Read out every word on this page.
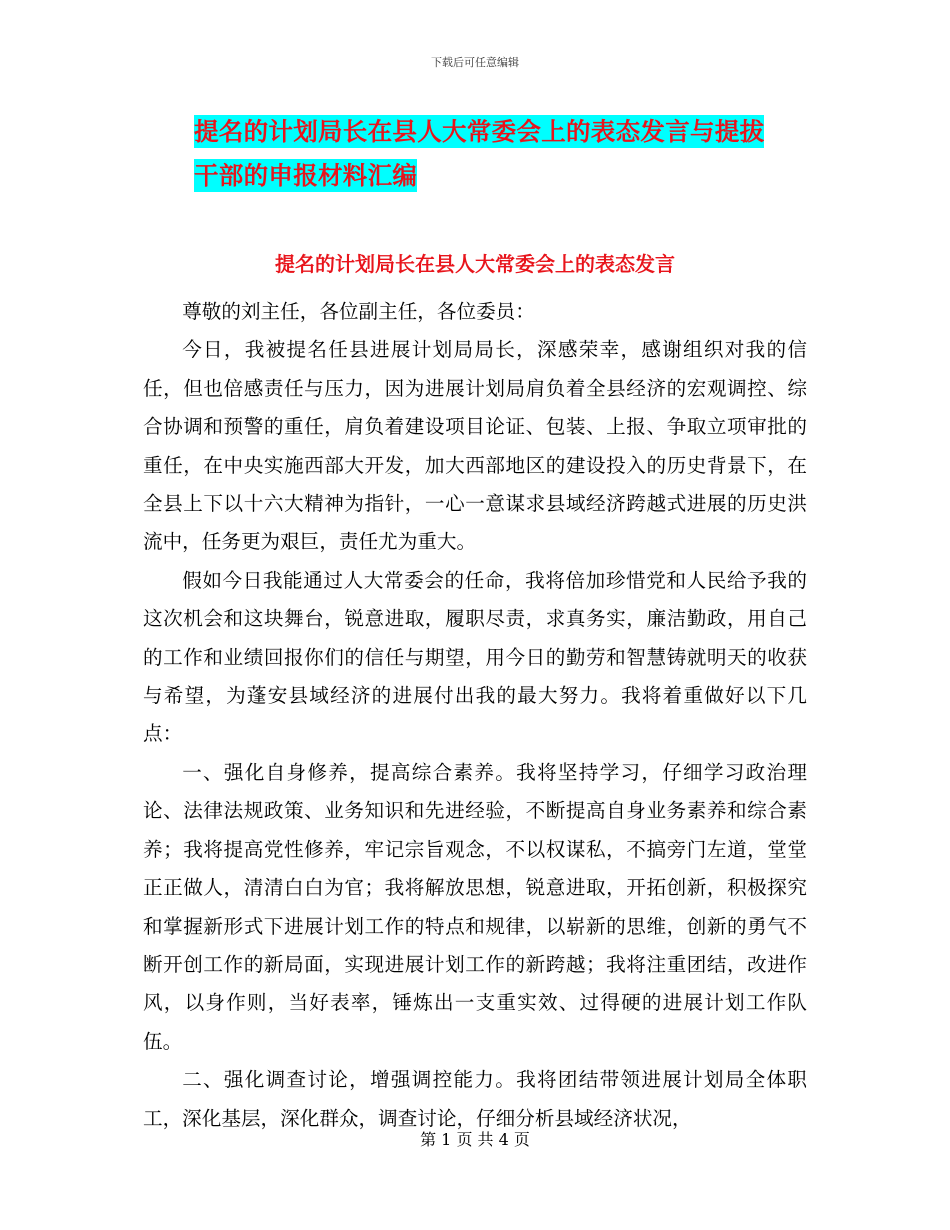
下载后可任意编辑
提名的计划局长在县人大常委会上的表态发言与提拔
干部的申报材料汇编
提名的计划局长在县人大常委会上的表态发言

尊敬的刘主任，各位副主任，各位委员：

今日，我被提名任县进展计划局局长，深感荣幸，感谢组织对我的信任，但也倍感责任与压力，因为进展计划局肩负着全县经济的宏观调控、综合协调和预警的重任，肩负着建设项目论证、包装、上报、争取立项审批的重任，在中央实施西部大开发，加大西部地区的建设投入的历史背景下，在全县上下以十六大精神为指针，一心一意谋求县域经济跨越式进展的历史洪流中，任务更为艰巨，责任尤为重大。

假如今日我能通过人大常委会的任命，我将倍加珍惜党和人民给予我的这次机会和这块舞台，锐意进取，履职尽责，求真务实，廉洁勤政，用自己的工作和业绩回报你们的信任与期望，用今日的勤劳和智慧铸就明天的收获与希望，为蓬安县域经济的进展付出我的最大努力。我将着重做好以下几点：

一、强化自身修养，提高综合素养。我将坚持学习，仔细学习政治理论、法律法规政策、业务知识和先进经验，不断提高自身业务素养和综合素养；我将提高党性修养，牢记宗旨观念，不以权谋私，不搞旁门左道，堂堂正正做人，清清白白为官；我将解放思想，锐意进取，开拓创新，积极探究和掌握新形式下进展计划工作的特点和规律，以崭新的思维，创新的勇气不断开创工作的新局面，实现进展计划工作的新跨越；我将注重团结，改进作风，以身作则，当好表率，锤炼出一支重实效、过得硬的进展计划工作队伍。

二、强化调查讨论，增强调控能力。我将团结带领进展计划局全体职工，深化基层，深化群众，调查讨论，仔细分析县域经济状况，

第 1 页 共 4 页
